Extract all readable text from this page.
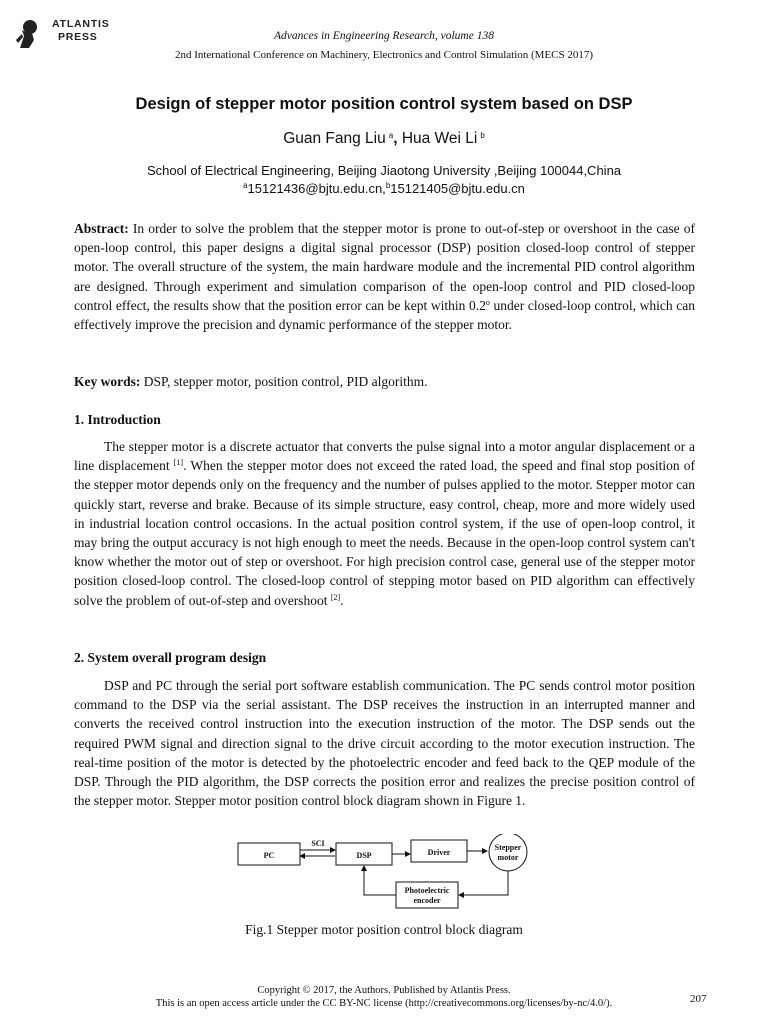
ATLANTIS
PRESS	Advances in Engineering Research, volume 138
2nd International Conference on Machinery, Electronics and Control Simulation (MECS 2017)
Design of stepper motor position control system based on DSP
Guan Fang Liu $^a$, Hua Wei Li $^b$
School of Electrical Engineering, Beijing Jiaotong University ,Beijing 100044,China
$^a$15121436@bjtu.edu.cn,$^b$15121405@bjtu.edu.cn

Abstract: In order to solve the problem that the stepper motor is prone to out-of-step or overshoot in the case of open-loop control, this paper designs a digital signal processor (DSP) position closed-loop control of stepper motor. The overall structure of the system, the main hardware module and the incremental PID control algorithm are designed. Through experiment and simulation comparison of the open-loop control and PID closed-loop control effect, the results show that the position error can be kept within 0.2$^o$ under closed-loop control, which can effectively improve the precision and dynamic performance of the stepper motor.

Key words: DSP, stepper motor, position control, PID algorithm.

1. Introduction

The stepper motor is a discrete actuator that converts the pulse signal into a motor angular displacement or a line displacement [1]. When the stepper motor does not exceed the rated load, the speed and final stop position of the stepper motor depends only on the frequency and the number of pulses applied to the motor. Stepper motor can quickly start, reverse and brake. Because of its simple structure, easy control, cheap, more and more widely used in industrial location control occasions. In the actual position control system, if the use of open-loop control, it may bring the output accuracy is not high enough to meet the needs. Because in the open-loop control system can't know whether the motor out of step or overshoot. For high precision control case, general use of the stepper motor position closed-loop control. The closed-loop control of stepping motor based on PID algorithm can effectively solve the problem of out-of-step and overshoot [2].

2. System overall program design

DSP and PC through the serial port software establish communication. The PC sends control motor position command to the DSP via the serial assistant. The DSP receives the instruction in an interrupted manner and converts the received control instruction into the execution instruction of the motor. The DSP sends out the required PWM signal and direction signal to the drive circuit according to the motor execution instruction. The real-time position of the motor is detected by the photoelectric encoder and feed back to the QEP module of the DSP. Through the PID algorithm, the DSP corrects the position error and realizes the precise position control of the stepper motor. Stepper motor position control block diagram shown in Figure 1.

PC
SCI
DSP	Driver
Stepper
motor
Photoelectric
encoder
Fig.1 Stepper motor position control block diagram
Copyright © 2017, the Authors. Published by Atlantis Press.
This is an open access article under the CC BY-NC license (http://creativecommons.org/licenses/by-nc/4.0/).	207
